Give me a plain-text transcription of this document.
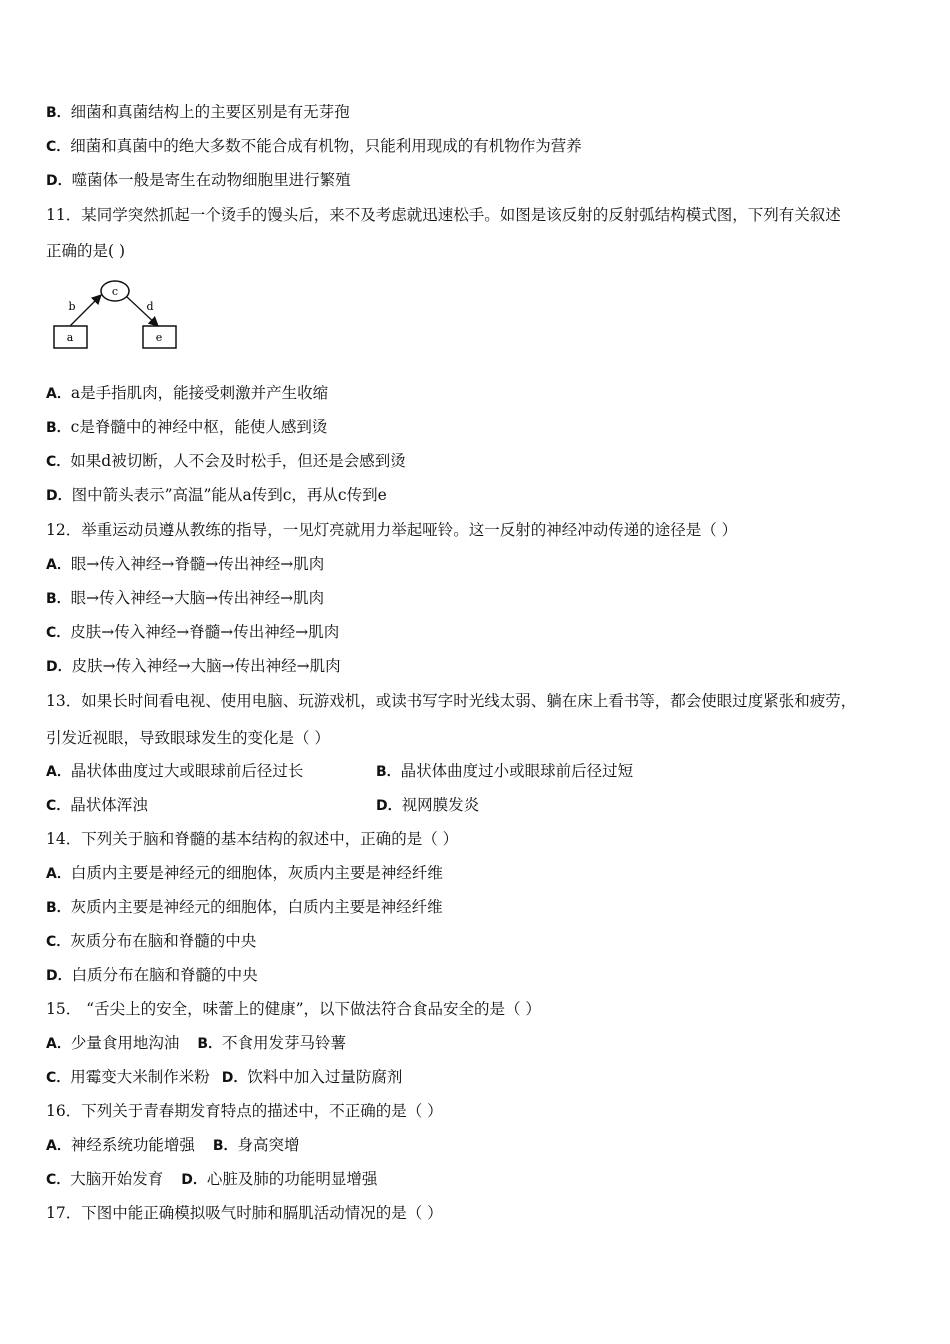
B．细菌和真菌结构上的主要区别是有无芽孢
C．细菌和真菌中的绝大多数不能合成有机物，只能利用现成的有机物作为营养
D．噬菌体一般是寄生在动物细胞里进行繁殖
11．某同学突然抓起一个烫手的馒头后，来不及考虑就迅速松手。如图是该反射的反射弧结构模式图，下列有关叙述
正确的是( )
a
c
e
b	d
A．a是手指肌肉，能接受刺激并产生收缩
B．c是脊髓中的神经中枢，能使人感到烫
C．如果d被切断，人不会及时松手，但还是会感到烫
D．图中箭头表示”高温”能从a传到c，再从c传到e
12．举重运动员遵从教练的指导，一见灯亮就用力举起哑铃。这一反射的神经冲动传递的途径是（ ）
A．眼→传入神经→脊髓→传出神经→肌肉
B．眼→传入神经→大脑→传出神经→肌肉
C．皮肤→传入神经→脊髓→传出神经→肌肉
D．皮肤→传入神经→大脑→传出神经→肌肉
13．如果长时间看电视、使用电脑、玩游戏机，或读书写字时光线太弱、躺在床上看书等，都会使眼过度紧张和疲劳，
引发近视眼，导致眼球发生的变化是（ ）
A．晶状体曲度过大或眼球前后径过长	B．晶状体曲度过小或眼球前后径过短
C．晶状体浑浊	D．视网膜发炎
14．下列关于脑和脊髓的基本结构的叙述中，正确的是（ ）
A．白质内主要是神经元的细胞体，灰质内主要是神经纤维
B．灰质内主要是神经元的细胞体，白质内主要是神经纤维
C．灰质分布在脑和脊髓的中央
D．白质分布在脑和脊髓的中央
15． “舌尖上的安全，味蕾上的健康”，以下做法符合食品安全的是（ ）
A．少量食用地沟油 B．不食用发芽马铃薯
C．用霉变大米制作米粉 D．饮料中加入过量防腐剂
16．下列关于青春期发育特点的描述中，不正确的是（ ）
A．神经系统功能增强 B．身高突增
C．大脑开始发育 D．心脏及肺的功能明显增强
17．下图中能正确模拟吸气时肺和膈肌活动情况的是（ ）
